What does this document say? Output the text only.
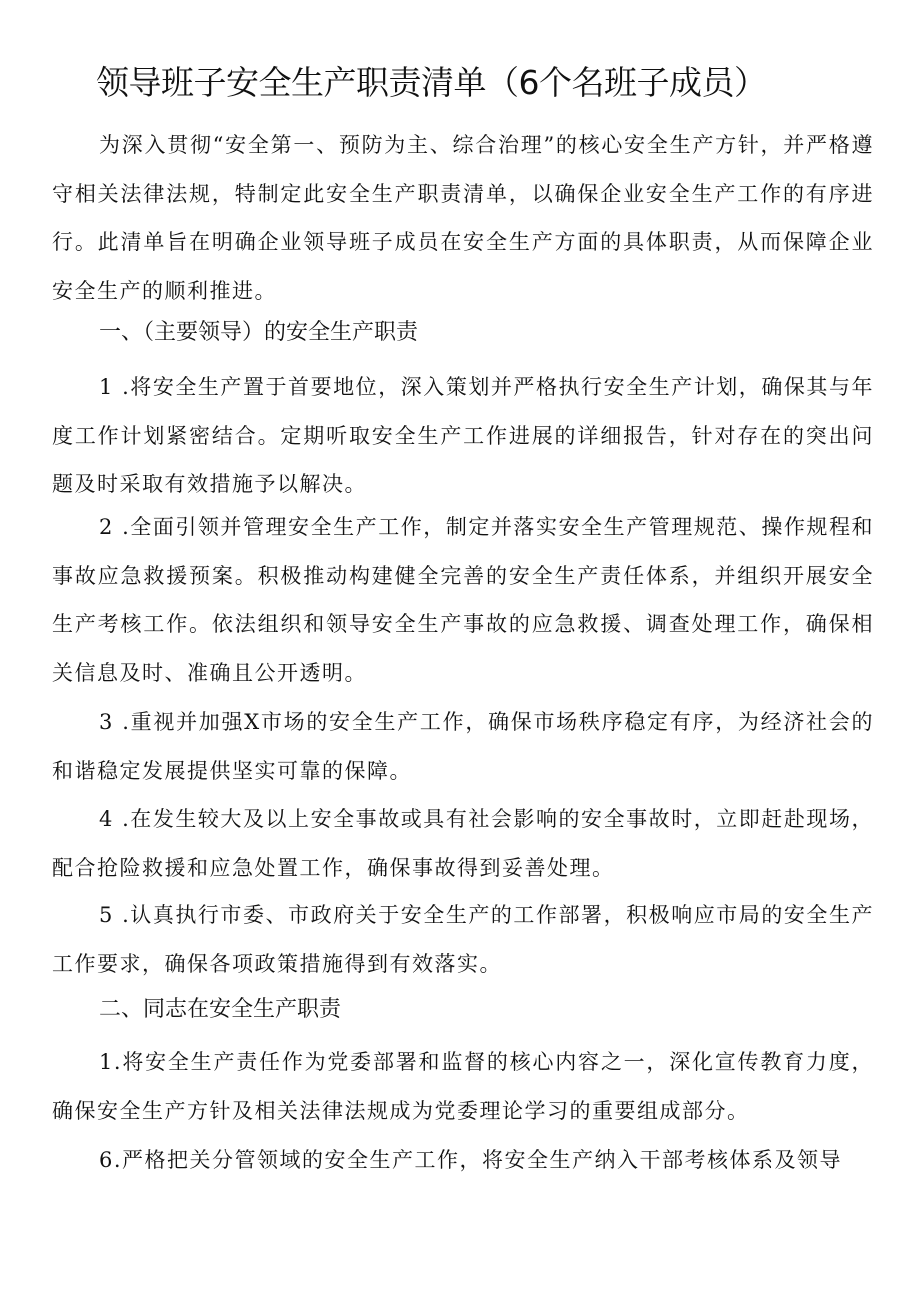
领导班子安全生产职责清单（6个名班子成员）

为深入贯彻“安全第一、预防为主、综合治理”的核心安全生产方针，并严格遵守相关法律法规，特制定此安全生产职责清单，以确保企业安全生产工作的有序进行。此清单旨在明确企业领导班子成员在安全生产方面的具体职责，从而保障企业安全生产的顺利推进。

一、（主要领导）的安全生产职责

1 .将安全生产置于首要地位，深入策划并严格执行安全生产计划，确保其与年度工作计划紧密结合。定期听取安全生产工作进展的详细报告，针对存在的突出问题及时采取有效措施予以解决。

2 .全面引领并管理安全生产工作，制定并落实安全生产管理规范、操作规程和事故应急救援预案。积极推动构建健全完善的安全生产责任体系，并组织开展安全生产考核工作。依法组织和领导安全生产事故的应急救援、调查处理工作，确保相关信息及时、准确且公开透明。

3 .重视并加强X市场的安全生产工作，确保市场秩序稳定有序，为经济社会的和谐稳定发展提供坚实可靠的保障。

4 .在发生较大及以上安全事故或具有社会影响的安全事故时，立即赶赴现场，配合抢险救援和应急处置工作，确保事故得到妥善处理。

5 .认真执行市委、市政府关于安全生产的工作部署，积极响应市局的安全生产工作要求，确保各项政策措施得到有效落实。

二、同志在安全生产职责

1.将安全生产责任作为党委部署和监督的核心内容之一，深化宣传教育力度，确保安全生产方针及相关法律法规成为党委理论学习的重要组成部分。

6.严格把关分管领域的安全生产工作，将安全生产纳入干部考核体系及领导
